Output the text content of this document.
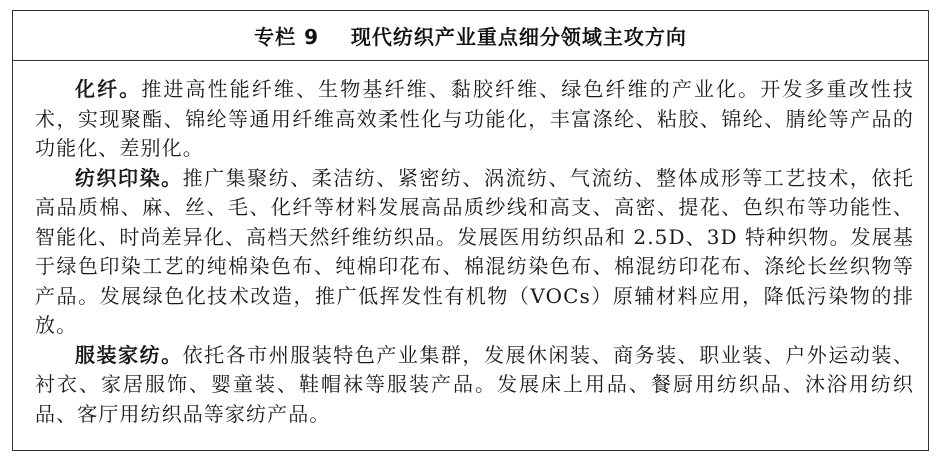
专栏 9    现代纺织产业重点细分领域主攻方向

化纤。推进高性能纤维、生物基纤维、黏胶纤维、绿色纤维的产业化。开发多重改性技术，实现聚酯、锦纶等通用纤维高效柔性化与功能化，丰富涤纶、粘胶、锦纶、腈纶等产品的功能化、差别化。

纺织印染。推广集聚纺、柔洁纺、紧密纺、涡流纺、气流纺、整体成形等工艺技术，依托高品质棉、麻、丝、毛、化纤等材料发展高品质纱线和高支、高密、提花、色织布等功能性、智能化、时尚差异化、高档天然纤维纺织品。发展医用纺织品和 2.5D、3D 特种织物。发展基于绿色印染工艺的纯棉染色布、纯棉印花布、棉混纺染色布、棉混纺印花布、涤纶长丝织物等产品。发展绿色化技术改造，推广低挥发性有机物（VOCs）原辅材料应用，降低污染物的排放。

服装家纺。依托各市州服装特色产业集群，发展休闲装、商务装、职业装、户外运动装、衬衣、家居服饰、婴童装、鞋帽袜等服装产品。发展床上用品、餐厨用纺织品、沐浴用纺织品、客厅用纺织品等家纺产品。
